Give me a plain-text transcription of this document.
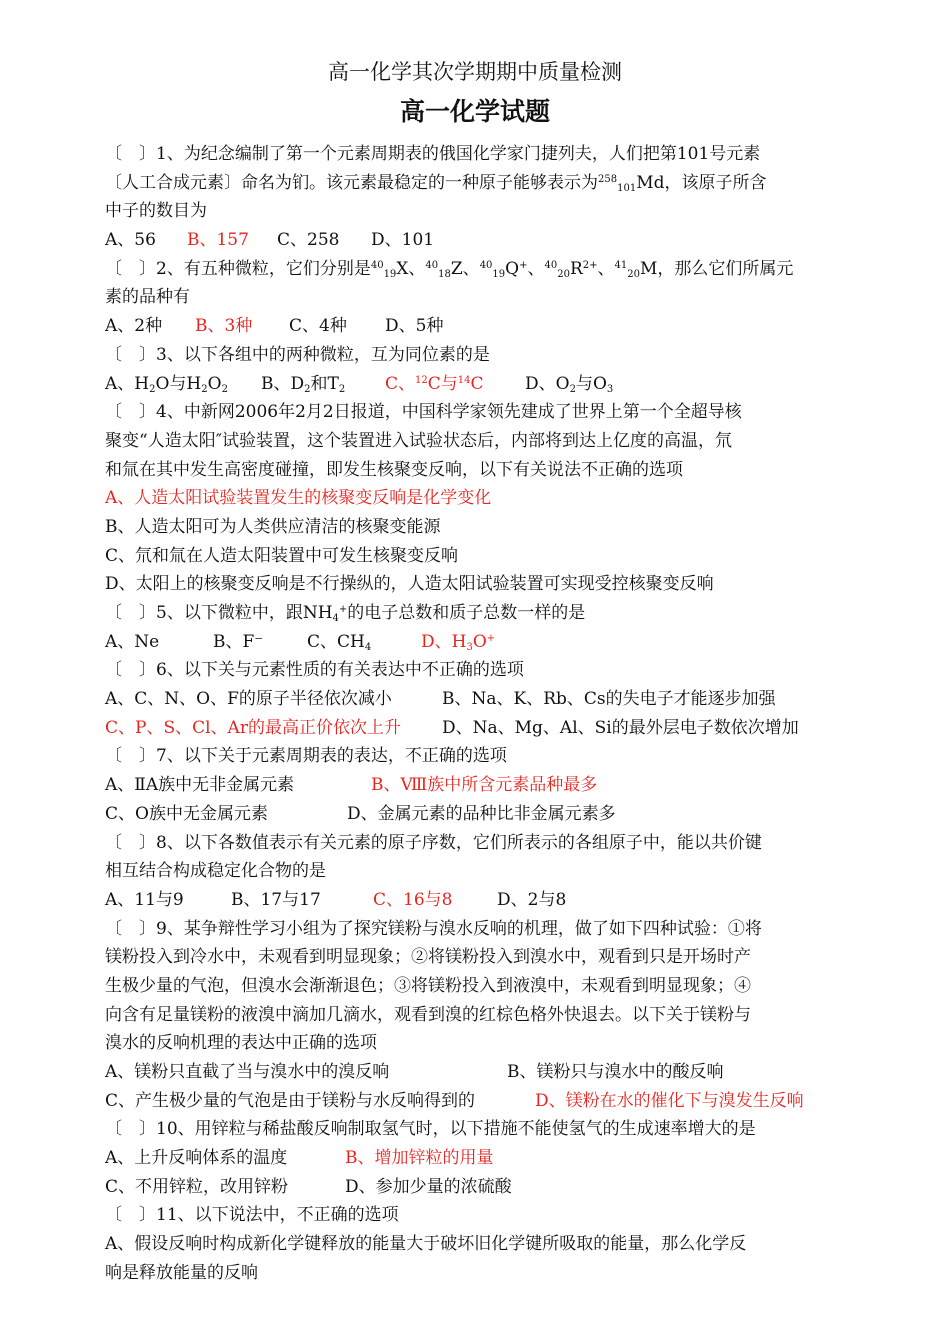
高一化学其次学期期中质量检测
高一化学试题
〔　〕1、为纪念编制了第一个元素周期表的俄国化学家门捷列夫，人们把第101号元素
〔人工合成元素〕命名为钔。该元素最稳定的一种原子能够表示为$^{258}_{101}$Md，该原子所含
中子的数目为
A、56 B、157 C、258 D、101
〔　〕2、有五种微粒，它们分别是$^{40}_{19}$X、$^{40}_{18}$Z、$^{40}_{19}$Q+、$^{40}_{20}R^{2+}$、$^{41}_{20}$M，那么它们所属元
素的品种有
A、2种 B、3种 C、4种 D、5种
〔　〕3、以下各组中的两种微粒，互为同位素的是
A、$H_2O$与$H_2O_2$ B、$D_2$和$T_2$ C、$^{12}$C与$^{14}$C D、$O_2$与$O_3$
〔　〕4、中新网2006年2月2日报道，中国科学家领先建成了世界上第一个全超导核
聚变“人造太阳″试验装置，这个装置进入试验状态后，内部将到达上亿度的高温，氘
和氚在其中发生高密度碰撞，即发生核聚变反响，以下有关说法不正确的选项
A、人造太阳试验装置发生的核聚变反响是化学变化
B、人造太阳可为人类供应清洁的核聚变能源
C、氘和氚在人造太阳装置中可发生核聚变反响
D、太阳上的核聚变反响是不行操纵的，人造太阳试验装置可实现受控核聚变反响
〔　〕5、以下微粒中，跟$NH_4^+$的电子总数和质子总数一样的是
A、Ne	B、F⁻	C、$CH_4$	D、$H_3O^+$
〔　〕6、以下关与元素性质的有关表达中不正确的选项
A、C、N、O、F的原子半径依次减小	B、Na、K、Rb、Cs的失电子才能逐步加强
C、P、S、Cl、Ar的最高正价依次上升 D、Na、Mg、Al、Si的最外层电子数依次增加
〔　〕7、以下关于元素周期表的表达，不正确的选项
A、ⅡA族中无非金属元素	B、Ⅷ族中所含元素品种最多
C、O族中无金属元素	D、金属元素的品种比非金属元素多
〔　〕8、以下各数值表示有关元素的原子序数，它们所表示的各组原子中，能以共价键
相互结合构成稳定化合物的是
A、11与9	B、17与17	C、16与8	D、2与8
〔　〕9、某争辩性学习小组为了探究镁粉与溴水反响的机理，做了如下四种试验：①将
镁粉投入到冷水中，未观看到明显现象；②将镁粉投入到溴水中，观看到只是开场时产
生极少量的气泡，但溴水会渐渐退色；③将镁粉投入到液溴中，未观看到明显现象；④
向含有足量镁粉的液溴中滴加几滴水，观看到溴的红棕色格外快退去。以下关于镁粉与
溴水的反响机理的表达中正确的选项
A、镁粉只直截了当与溴水中的溴反响	B、镁粉只与溴水中的酸反响
C、产生极少量的气泡是由于镁粉与水反响得到的	D、镁粉在水的催化下与溴发生反响
〔　〕10、用锌粒与稀盐酸反响制取氢气时，以下措施不能使氢气的生成速率增大的是
A、上升反响体系的温度	B、增加锌粒的用量
C、不用锌粒，改用锌粉	D、参加少量的浓硫酸
〔　〕11、以下说法中，不正确的选项
A、假设反响时构成新化学键释放的能量大于破坏旧化学键所吸取的能量，那么化学反
响是释放能量的反响
